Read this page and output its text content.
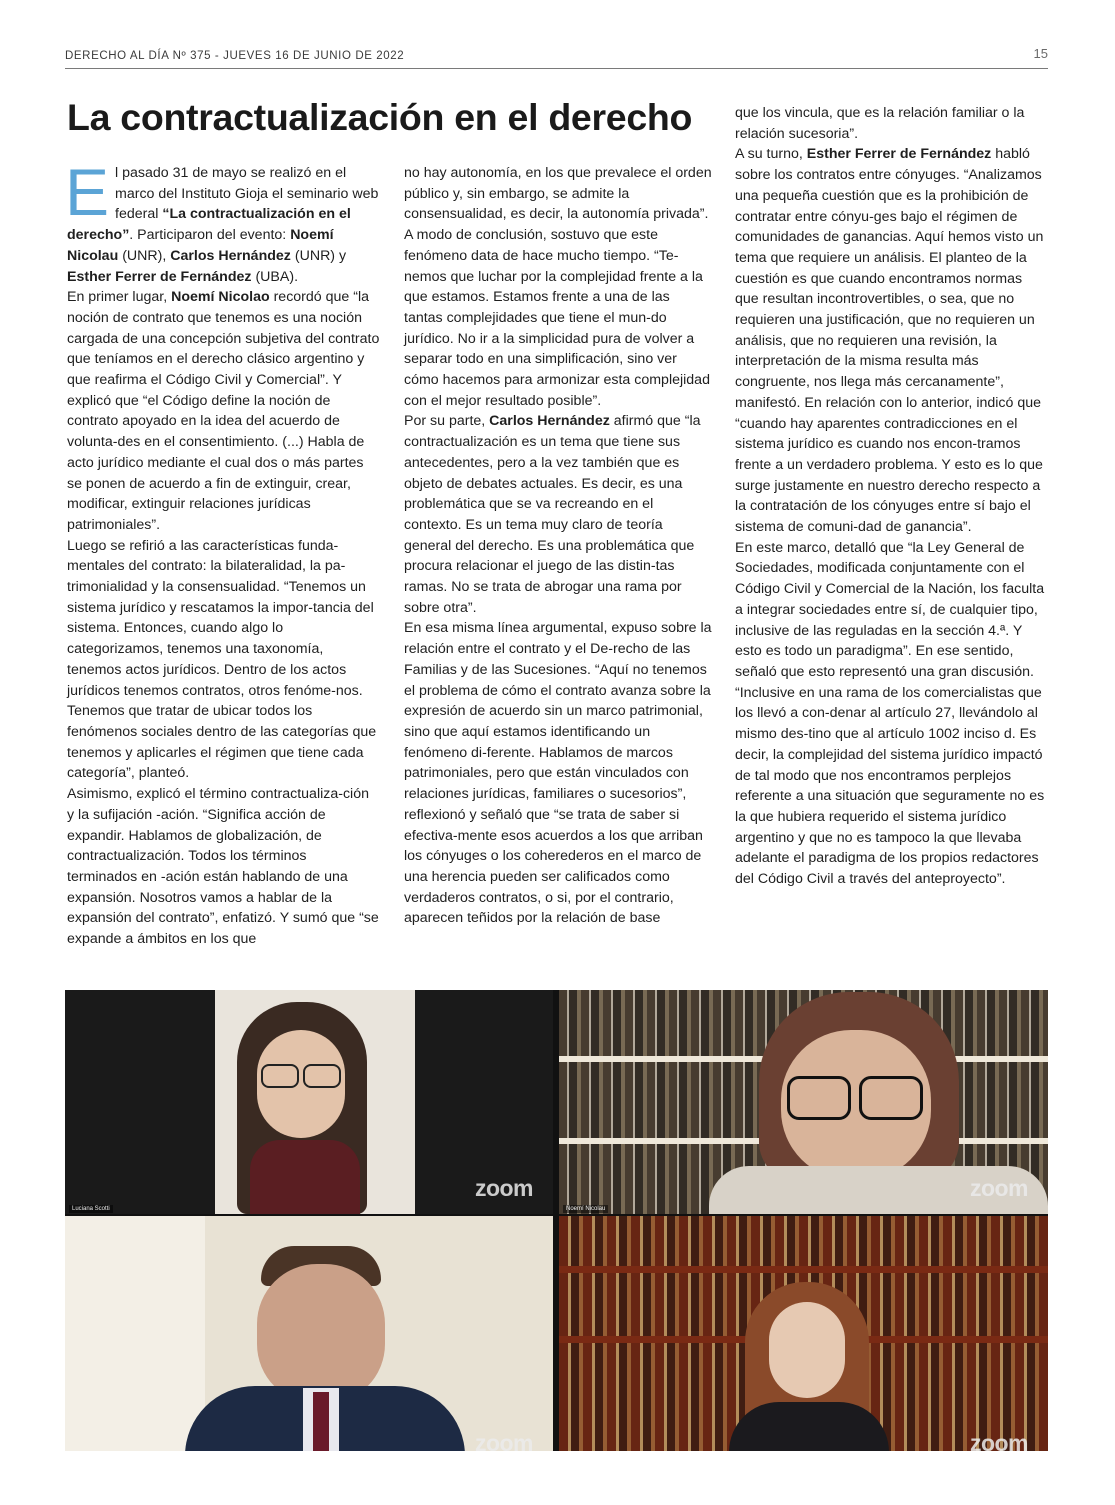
DERECHO AL DÍA Nº 375 - JUEVES 16 DE JUNIO DE 2022	15
La contractualización en el derecho

El pasado 31 de mayo se realizó en el marco del Instituto Gioja el seminario web federal “La contractualización en el derecho”. Participaron del evento: Noemí Nicolau (UNR), Carlos Hernández (UNR) y Esther Ferrer de Fernández (UBA).

En primer lugar, Noemí Nicolao recordó que “la noción de contrato que tenemos es una noción cargada de una concepción subjetiva del contrato que teníamos en el derecho clásico argentino y que reafirma el Código Civil y Comercial”. Y explicó que “el Código define la noción de contrato apoyado en la idea del acuerdo de volunta-des en el consentimiento. (...) Habla de acto jurídico mediante el cual dos o más partes se ponen de acuerdo a fin de extinguir, crear, modificar, extinguir relaciones jurídicas patrimoniales”.

Luego se refirió a las características funda-mentales del contrato: la bilateralidad, la pa-trimonialidad y la consensualidad. “Tenemos un sistema jurídico y rescatamos la impor-tancia del sistema. Entonces, cuando algo lo categorizamos, tenemos una taxonomía, tenemos actos jurídicos. Dentro de los actos jurídicos tenemos contratos, otros fenóme-nos. Tenemos que tratar de ubicar todos los fenómenos sociales dentro de las categorías que tenemos y aplicarles el régimen que tiene cada categoría”, planteó.

Asimismo, explicó el término contractualiza-ción y la sufijación -ación. “Significa acción de expandir. Hablamos de globalización, de contractualización. Todos los términos terminados en -ación están hablando de una expansión. Nosotros vamos a hablar de la expansión del contrato”, enfatizó. Y sumó que “se expande a ámbitos en los que

no hay autonomía, en los que prevalece el orden público y, sin embargo, se admite la consensualidad, es decir, la autonomía privada”.

A modo de conclusión, sostuvo que este fenómeno data de hace mucho tiempo. “Te-nemos que luchar por la complejidad frente a la que estamos. Estamos frente a una de las tantas complejidades que tiene el mun-do jurídico. No ir a la simplicidad pura de volver a separar todo en una simplificación, sino ver cómo hacemos para armonizar esta complejidad con el mejor resultado posible”.

Por su parte, Carlos Hernández afirmó que “la contractualización es un tema que tiene sus antecedentes, pero a la vez también que es objeto de debates actuales. Es decir, es una problemática que se va recreando en el contexto. Es un tema muy claro de teoría general del derecho. Es una problemática que procura relacionar el juego de las distin-tas ramas. No se trata de abrogar una rama por sobre otra”.

En esa misma línea argumental, expuso sobre la relación entre el contrato y el De-recho de las Familias y de las Sucesiones. “Aquí no tenemos el problema de cómo el contrato avanza sobre la expresión de acuerdo sin un marco patrimonial, sino que aquí estamos identificando un fenómeno di-ferente. Hablamos de marcos patrimoniales, pero que están vinculados con relaciones jurídicas, familiares o sucesorios”, reflexionó y señaló que “se trata de saber si efectiva-mente esos acuerdos a los que arriban los cónyuges o los coherederos en el marco de una herencia pueden ser calificados como verdaderos contratos, o si, por el contrario, aparecen teñidos por la relación de base

que los vincula, que es la relación familiar o la relación sucesoria”.

A su turno, Esther Ferrer de Fernández habló sobre los contratos entre cónyuges. “Analizamos una pequeña cuestión que es la prohibición de contratar entre cónyu-ges bajo el régimen de comunidades de ganancias. Aquí hemos visto un tema que requiere un análisis. El planteo de la cuestión es que cuando encontramos normas que resultan incontrovertibles, o sea, que no requieren una justificación, que no requieren un análisis, que no requieren una revisión, la interpretación de la misma resulta más congruente, nos llega más cercanamente”, manifestó. En relación con lo anterior, indicó que “cuando hay aparentes contradicciones en el sistema jurídico es cuando nos encon-tramos frente a un verdadero problema. Y esto es lo que surge justamente en nuestro derecho respecto a la contratación de los cónyuges entre sí bajo el sistema de comuni-dad de ganancia”.

En este marco, detalló que “la Ley General de Sociedades, modificada conjuntamente con el Código Civil y Comercial de la Nación, los faculta a integrar sociedades entre sí, de cualquier tipo, inclusive de las reguladas en la sección 4.ª. Y esto es todo un paradigma”. En ese sentido, señaló que esto representó una gran discusión. “Inclusive en una rama de los comercialistas que los llevó a con-denar al artículo 27, llevándolo al mismo des-tino que al artículo 1002 inciso d. Es decir, la complejidad del sistema jurídico impactó de tal modo que nos encontramos perplejos referente a una situación que seguramente no es la que hubiera requerido el sistema jurídico argentino y que no es tampoco la que llevaba adelante el paradigma de los propios redactores del Código Civil a través del anteproyecto”.

Luciana Scotti
zoom
Noemí Nicolau
zoom
zoom	zoom
